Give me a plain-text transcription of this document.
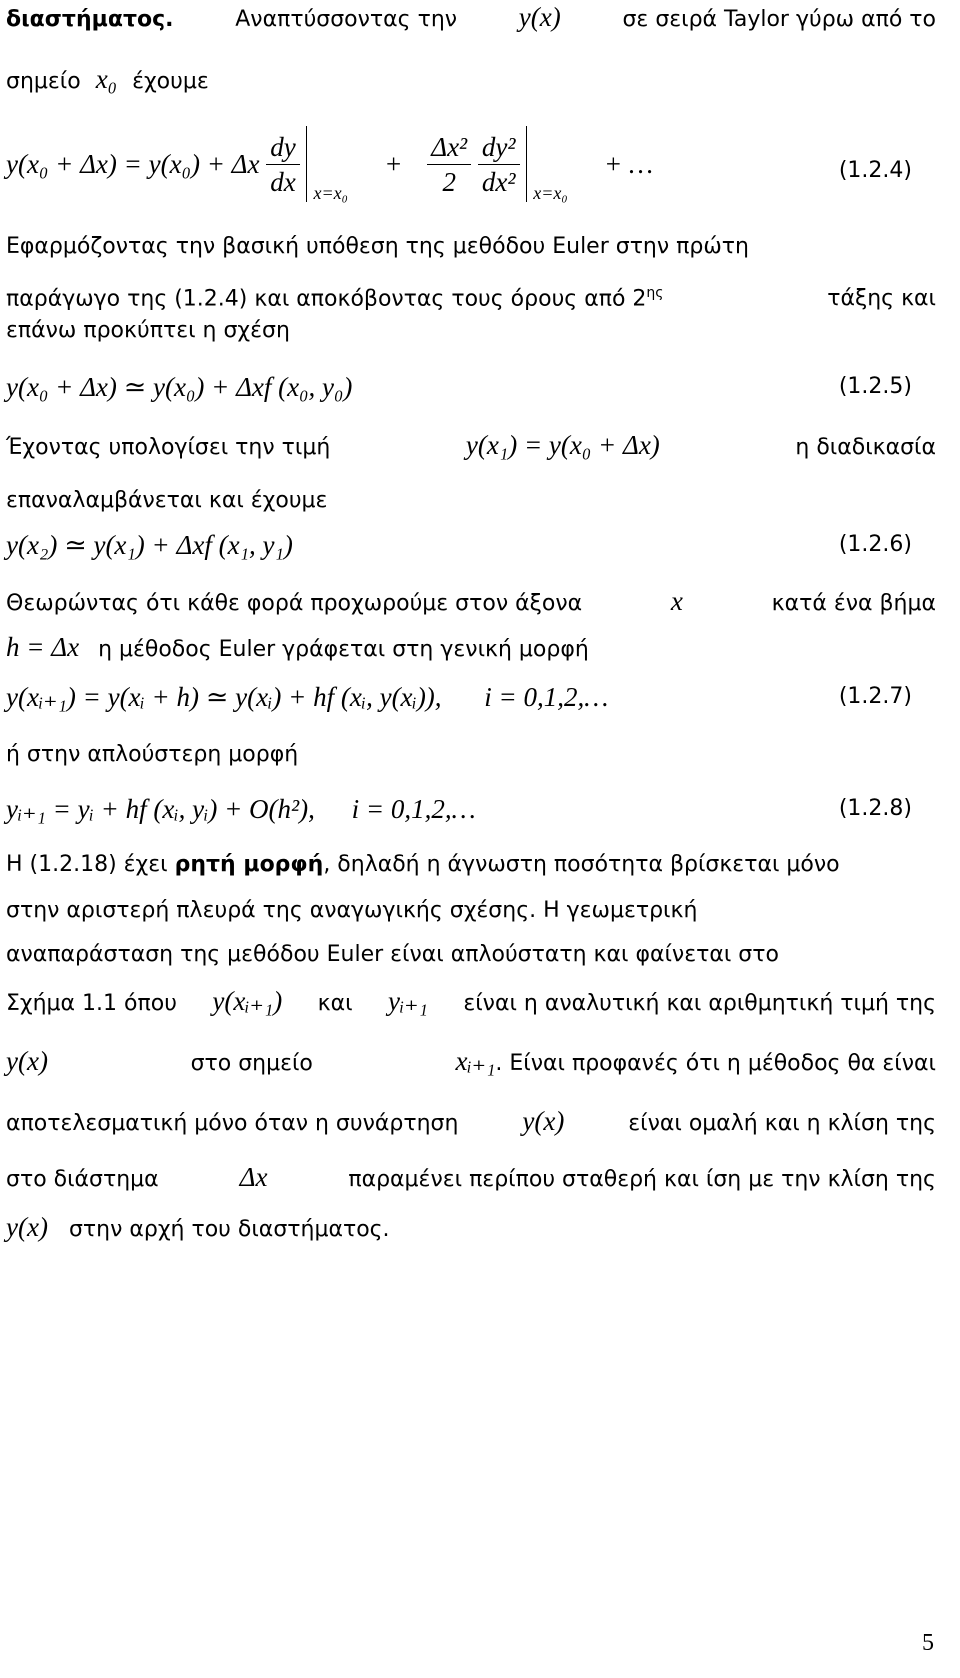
διαστήματος.	Αναπτύσσοντας την y(x)	σε σειρά Taylor γύρω από το
σημείο x₀ έχουμε
y(x₀ + Δx) = y(x₀) + Δx $\frac{dy}{dx}$
x=x₀
+ $\frac{\text{Δx²}}{2}$
$\frac{\text{dy²}}{\text{dx²}}$
x=x₀
+ …	(1.2.4)
Εφαρμόζοντας την βασική υπόθεση της μεθόδου Euler στην πρώτη
παράγωγο της (1.2.4) και αποκόβοντας τους όρους από $2^{\eta\varsigma}$	τάξης και
επάνω προκύπτει η σχέση
y(x₀ + Δx) ≃ y(x₀) + Δxf (x₀, y₀)	(1.2.5)
Έχοντας υπολογίσει την τιμή	y(x₁) = y(x₀ + Δx)	η διαδικασία
επαναλαμβάνεται και έχουμε
y(x₂) ≃ y(x₁) + Δxf (x₁, y₁)	(1.2.6)
Θεωρώντας ότι κάθε φορά προχωρούμε στον άξονα	x	κατά ένα βήμα
h = Δx η μέθοδος Euler γράφεται στη γενική μορφή
y(xᵢ₊₁) = y(xᵢ + h) ≃ y(xᵢ) + hf (xᵢ, y(xᵢ)), i = 0,1,2,…	(1.2.7)
ή στην απλούστερη μορφή
yᵢ₊₁ = yᵢ + hf (xᵢ, yᵢ) + O(h²), i = 0,1,2,…	(1.2.8)
Η (1.2.18) έχει ρητή μορφή, δηλαδή η άγνωστη ποσότητα βρίσκεται μόνο
στην αριστερή πλευρά της αναγωγικής σχέσης. Η γεωμετρική
αναπαράσταση της μεθόδου Euler είναι απλούστατη και φαίνεται στο
Σχήμα 1.1 όπου y(xᵢ₊₁) και yᵢ₊₁ είναι η αναλυτική και αριθμητική τιμή της
y(x)	στο σημείο	xᵢ₊₁. Είναι προφανές ότι η μέθοδος θα είναι
αποτελεσματική μόνο όταν η συνάρτηση y(x)	είναι ομαλή και η κλίση της
στο διάστημα	Δx	παραμένει περίπου σταθερή και ίση με την κλίση της
y(x) στην αρχή του διαστήματος.
5
